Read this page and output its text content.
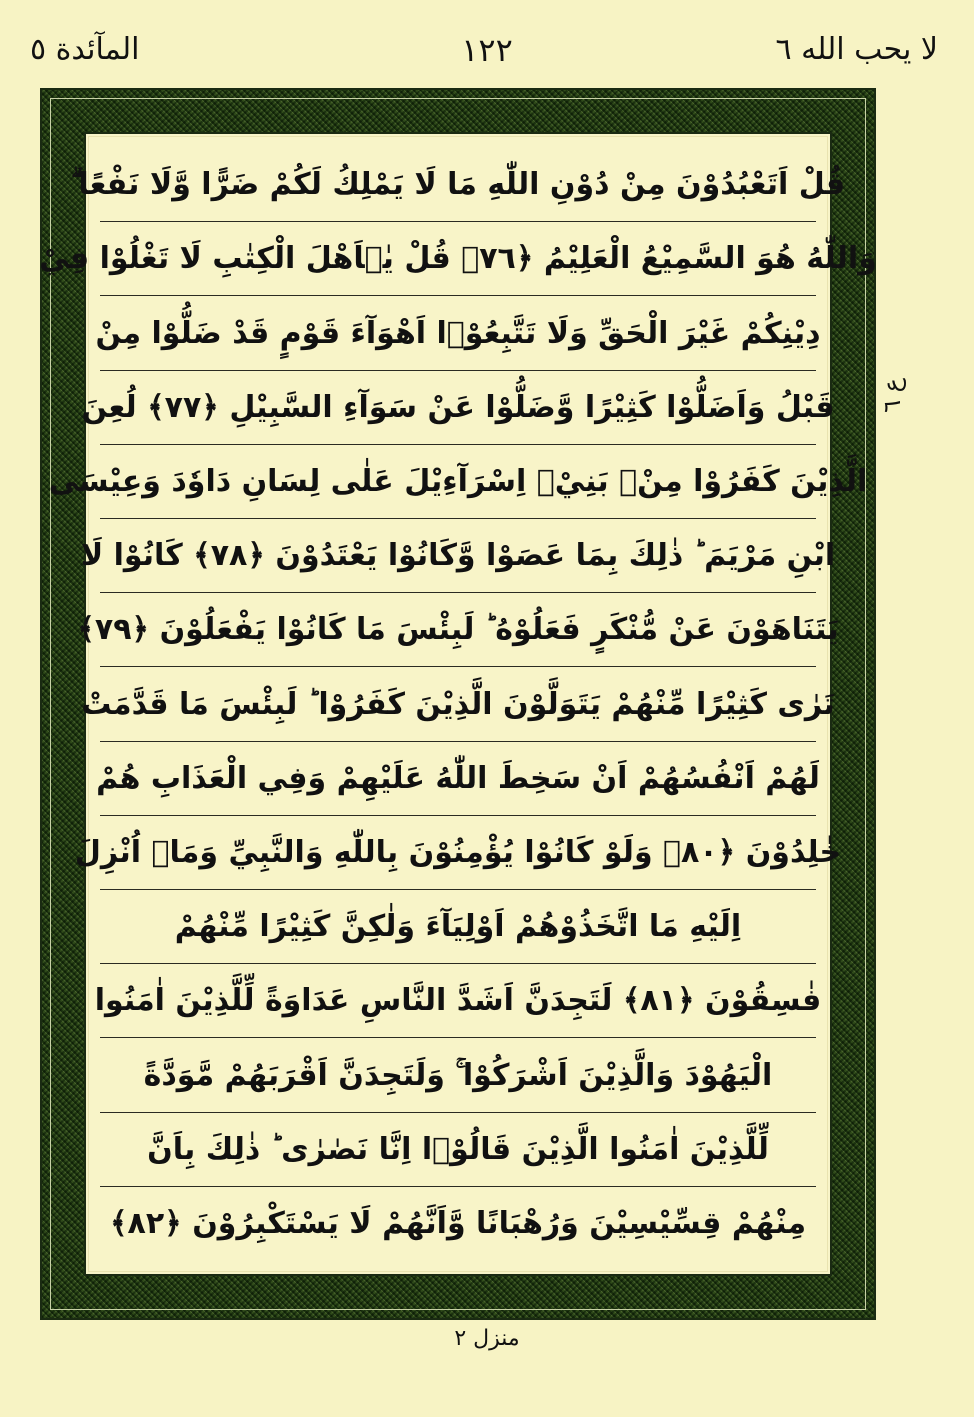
لا يحب الله ٦
١٢٢
المآئدة ٥
قُلْ اَتَعْبُدُوْنَ مِنْ دُوْنِ اللّٰهِ مَا لَا يَمْلِكُ لَكُمْ ضَرًّا وَّلَا نَفْعًا ۗ
وَاللّٰهُ هُوَ السَّمِيْعُ الْعَلِيْمُ ﴿٧٦﴾ قُلْ يٰۤاَهْلَ الْكِتٰبِ لَا تَغْلُوْا فِيْ
دِيْنِكُمْ غَيْرَ الْحَقِّ وَلَا تَتَّبِعُوْۤا اَهْوَآءَ قَوْمٍ قَدْ ضَلُّوْا مِنْ
قَبْلُ وَاَضَلُّوْا كَثِيْرًا وَّضَلُّوْا عَنْ سَوَآءِ السَّبِيْلِ ﴿٧٧﴾ لُعِنَ
الَّذِيْنَ كَفَرُوْا مِنْۢ بَنِيْۤ اِسْرَآءِيْلَ عَلٰى لِسَانِ دَاوٗدَ وَعِيْسَى
ابْنِ مَرْيَمَ ؕ ذٰلِكَ بِمَا عَصَوْا وَّكَانُوْا يَعْتَدُوْنَ ﴿٧٨﴾ كَانُوْا لَا
يَتَنَاهَوْنَ عَنْ مُّنْكَرٍ فَعَلُوْهُ ؕ لَبِئْسَ مَا كَانُوْا يَفْعَلُوْنَ ﴿٧٩﴾
تَرٰى كَثِيْرًا مِّنْهُمْ يَتَوَلَّوْنَ الَّذِيْنَ كَفَرُوْا ؕ لَبِئْسَ مَا قَدَّمَتْ
لَهُمْ اَنْفُسُهُمْ اَنْ سَخِطَ اللّٰهُ عَلَيْهِمْ وَفِي الْعَذَابِ هُمْ
خٰلِدُوْنَ ﴿٨٠﴾ وَلَوْ كَانُوْا يُؤْمِنُوْنَ بِاللّٰهِ وَالنَّبِيِّ وَمَاۤ اُنْزِلَ
اِلَيْهِ مَا اتَّخَذُوْهُمْ اَوْلِيَآءَ وَلٰكِنَّ كَثِيْرًا مِّنْهُمْ
فٰسِقُوْنَ ﴿٨١﴾ لَتَجِدَنَّ اَشَدَّ النَّاسِ عَدَاوَةً لِّلَّذِيْنَ اٰمَنُوا
الْيَهُوْدَ وَالَّذِيْنَ اَشْرَكُوْا ۚ وَلَتَجِدَنَّ اَقْرَبَهُمْ مَّوَدَّةً
لِّلَّذِيْنَ اٰمَنُوا الَّذِيْنَ قَالُوْۤا اِنَّا نَصٰرٰى ؕ ذٰلِكَ بِاَنَّ
مِنْهُمْ قِسِّيْسِيْنَ وَرُهْبَانًا وَّاَنَّهُمْ لَا يَسْتَكْبِرُوْنَ ﴿٨٢﴾
ع ٦
منزل ٢
